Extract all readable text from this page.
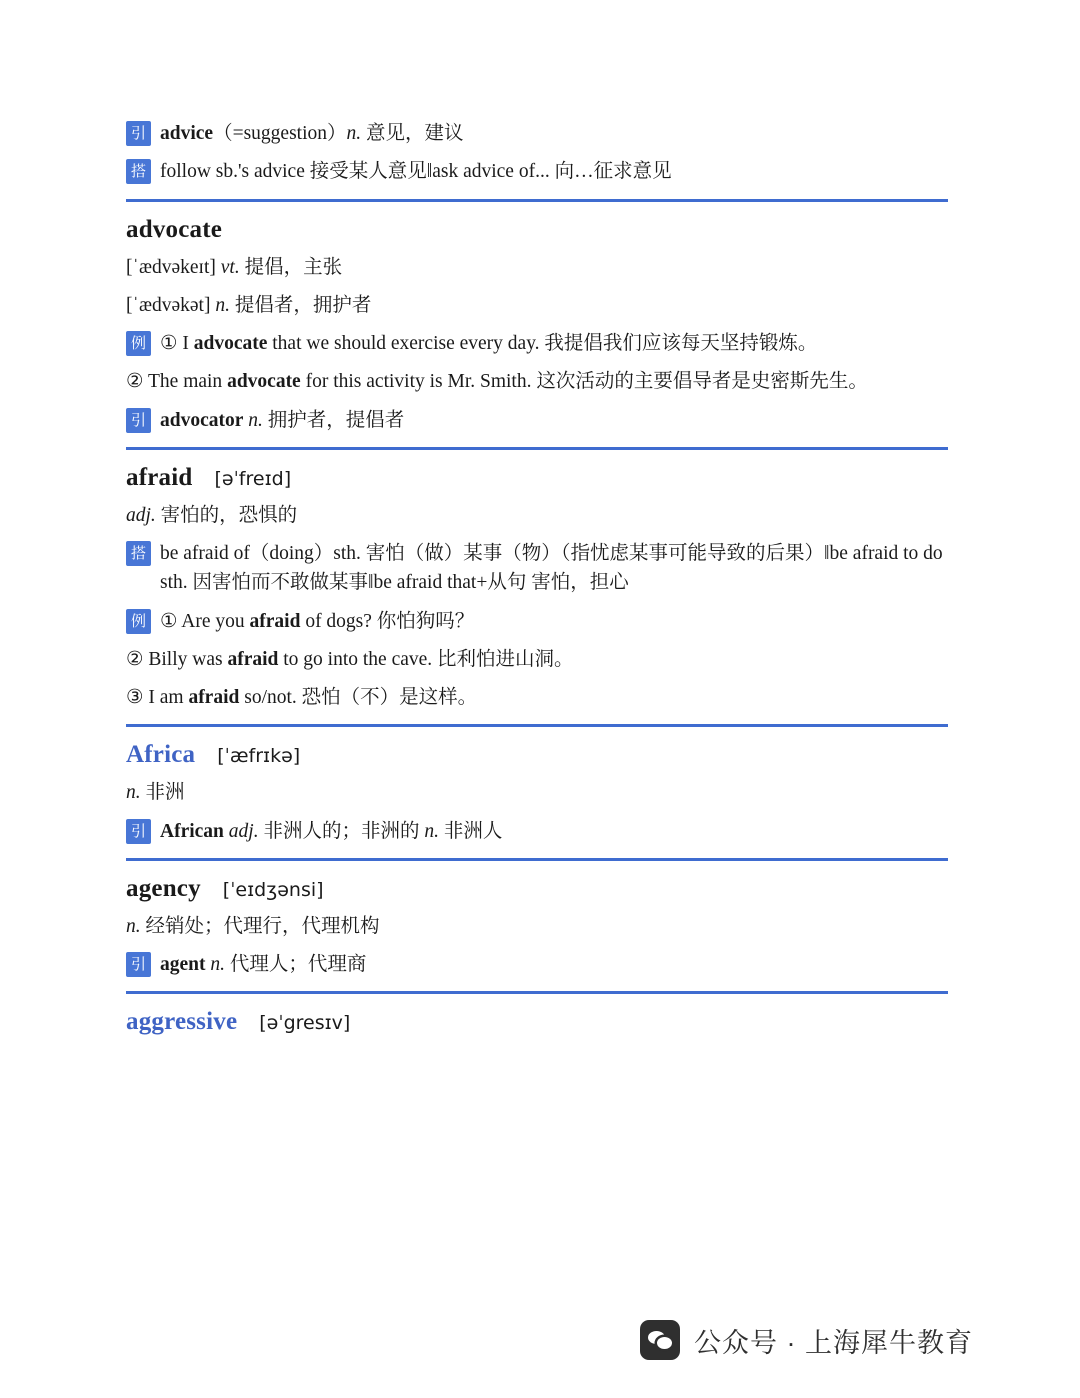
引 advice（=suggestion）n. 意见，建议
搭 follow sb.'s advice 接受某人意见‖ask advice of... 向…征求意见
advocate
[ˈædvəkeɪt] vt. 提倡，主张
[ˈædvəkət] n. 提倡者，拥护者
例 ① I advocate that we should exercise every day. 我提倡我们应该每天坚持锻炼。
② The main advocate for this activity is Mr. Smith. 这次活动的主要倡导者是史密斯先生。
引 advocator n. 拥护者，提倡者
afraid [əˈfreɪd]
adj. 害怕的，恐惧的
搭 be afraid of（doing）sth. 害怕（做）某事（物）（指忧虑某事可能导致的后果）‖be afraid to do sth. 因害怕而不敢做某事‖be afraid that+从句 害怕，担心
例 ① Are you afraid of dogs? 你怕狗吗？
② Billy was afraid to go into the cave. 比利怕进山洞。
③ I am afraid so/not. 恐怕（不）是这样。
Africa [ˈæfrɪkə]
n. 非洲
引 African adj. 非洲人的；非洲的 n. 非洲人
agency [ˈeɪdʒənsi]
n. 经销处；代理行，代理机构
引 agent n. 代理人；代理商
aggressive [əˈgresɪv]
公众号 · 上海犀牛教育
